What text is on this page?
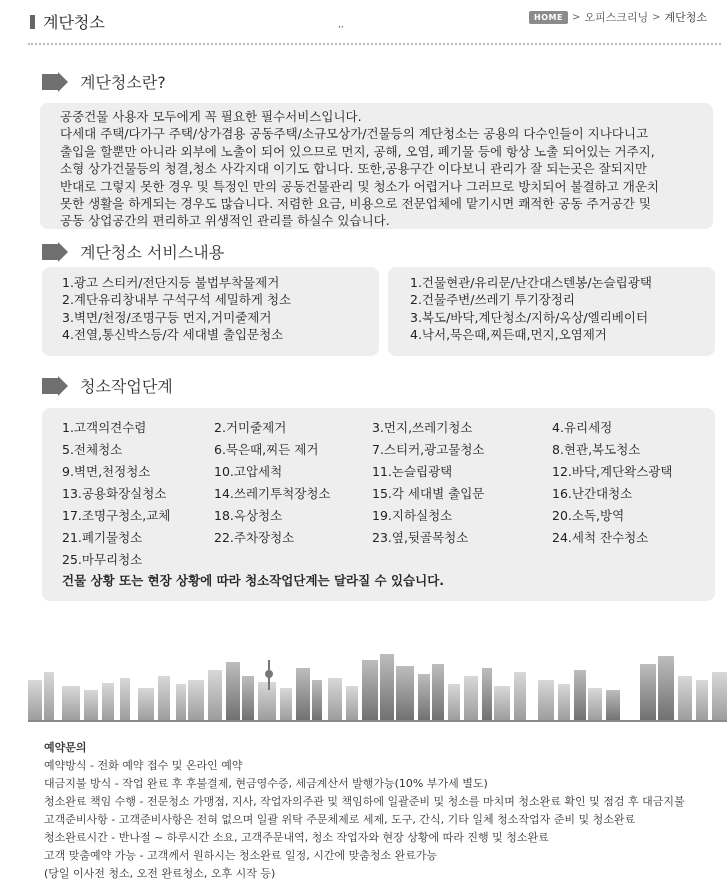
계단청소	,,
HOME > 오피스크리닝 > 계단청소
계단청소란?

공중건물 사용자 모두에게 꼭 필요한 필수서비스입니다.

다세대 주택/다가구 주택/상가겸용 공동주택/소규모상가/건물등의 계단청소는 공용의 다수인들이 지나다니고

출입을 할뿐만 아니라 외부에 노출이 되어 있으므로 먼지, 공해, 오염, 폐기물 등에 항상 노출 되어있는 거주지,

소형 상가건물등의 청결,청소 사각지대 이기도 합니다. 또한,공용구간 이다보니 관리가 잘 되는곳은 잘되지만

반대로 그렇지 못한 경우 및 특정인 만의 공동건물관리 및 청소가 어렵거나 그러므로 방치되어 불결하고 개운치

못한 생활을 하게되는 경우도 많습니다. 저렴한 요금, 비용으로 전문업체에 맡기시면 쾌적한 공동 주거공간 및

공동 상업공간의 편리하고 위생적인 관리를 하실수 있습니다.

계단청소 서비스내용
1.광고 스티커/전단지등 불법부착물제거
2.계단유리창내부 구석구석 세밀하게 청소
3.벽면/천정/조명구등 먼지,거미줄제거
4.전열,통신박스등/각 세대별 출입문청소
1.건물현관/유리문/난간대스텐봉/논슬립광택
2.건물주변/쓰레기 투기장정리
3.복도/바닥,계단청소/지하/옥상/엘리베이터
4.낙서,묵은때,찌든때,먼지,오염제거
청소작업단계
25.마무리청소
24.세척 잔수청소
23.옆,뒷골목청소
22.주차장청소
21.폐기물청소
20.소독,방역
19.지하실청소
18.옥상청소
17.조명구청소,교체
16.난간대청소
15.각 세대별 출입문
14.쓰레기투척장청소
13.공용화장실청소
12.바닥,계단왁스광택
11.논슬립광택
10.고압세척
9.벽면,천정청소
8.현관,복도청소
7.스티커,광고물청소
6.묵은때,찌든 제거
5.전체청소
4.유리세정
3.먼지,쓰레기청소
2.거미줄제거
1.고객의견수렴
건물 상황 또는 현장 상황에 따라 청소작업단계는 달라질 수 있습니다.
예약문의
예약방식 - 전화 예약 접수 및 온라인 예약
대금지불 방식 - 작업 완료 후 후불결제, 현금영수증, 세금계산서 발행가능(10% 부가세 별도)
청소완료 책임 수행 - 전문청소 가맹점, 지사, 작업자의주관 및 책임하에 일괄준비 및 청소를 마치며 청소완료 확인 및 점검 후 대금지불
고객준비사항 - 고객준비사항은 전혀 없으며 일괄 위탁 주문체제로 세제, 도구, 간식, 기타 일체 청소작업자 준비 및 청소완료
청소완료시간 - 반나절 ~ 하루시간 소요, 고객주문내역, 청소 작업자와 현장 상황에 따라 진행 및 청소완료
고객 맞춤예약 가능 - 고객께서 원하시는 청소완료 일정, 시간에 맞춤청소 완료가능
(당일 이사전 청소, 오전 완료청소, 오후 시작 등)
